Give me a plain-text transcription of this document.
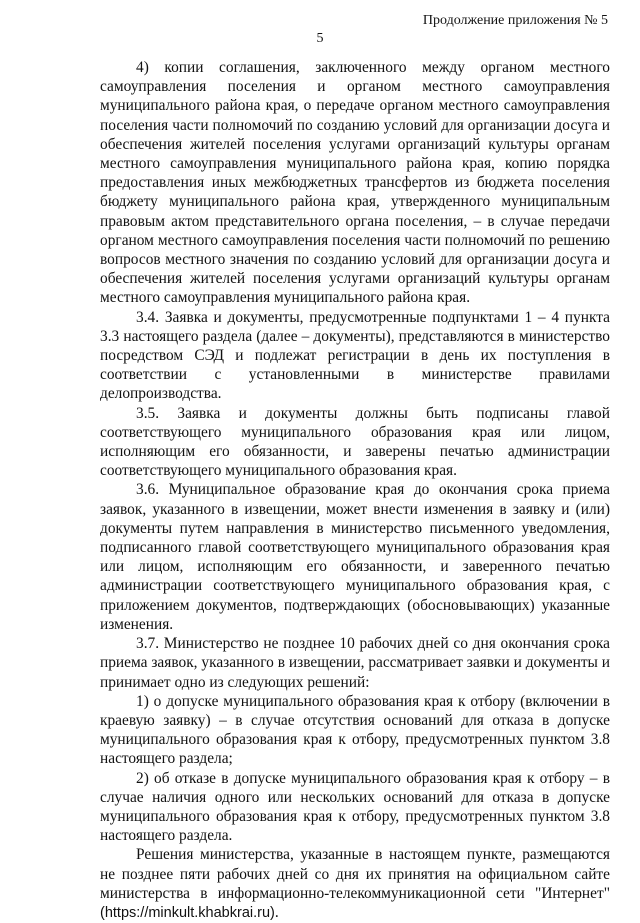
Продолжение приложения № 5
5

4) копии соглашения, заключенного между органом местного самоуправления поселения и органом местного самоуправления муниципального района края, о передаче органом местного самоуправления поселения части полномочий по созданию условий для организации досуга и обеспечения жителей поселения услугами организаций культуры органам местного самоуправления муниципального района края, копию порядка предоставления иных межбюджетных трансфертов из бюджета поселения бюджету муниципального района края, утвержденного муниципальным правовым актом представительного органа поселения, – в случае передачи органом местного самоуправления поселения части полномочий по решению вопросов местного значения по созданию условий для организации досуга и обеспечения жителей поселения услугами организаций культуры органам местного самоуправления муниципального района края.

3.4. Заявка и документы, предусмотренные подпунктами 1 – 4 пункта 3.3 настоящего раздела (далее – документы), представляются в министерство посредством СЭД и подлежат регистрации в день их поступления в соответствии с установленными в министерстве правилами делопроизводства.

3.5. Заявка и документы должны быть подписаны главой соответствующего муниципального образования края или лицом, исполняющим его обязанности, и заверены печатью администрации соответствующего муниципального образования края.

3.6. Муниципальное образование края до окончания срока приема заявок, указанного в извещении, может внести изменения в заявку и (или) документы путем направления в министерство письменного уведомления, подписанного главой соответствующего муниципального образования края или лицом, исполняющим его обязанности, и заверенного печатью администрации соответствующего муниципального образования края, с приложением документов, подтверждающих (обосновывающих) указанные изменения.

3.7. Министерство не позднее 10 рабочих дней со дня окончания срока приема заявок, указанного в извещении, рассматривает заявки и документы и принимает одно из следующих решений:

1) о допуске муниципального образования края к отбору (включении в краевую заявку) – в случае отсутствия оснований для отказа в допуске муниципального образования края к отбору, предусмотренных пунктом 3.8 настоящего раздела;

2) об отказе в допуске муниципального образования края к отбору – в случае наличия одного или нескольких оснований для отказа в допуске муниципального образования края к отбору, предусмотренных пунктом 3.8 настоящего раздела.

Решения министерства, указанные в настоящем пункте, размещаются не позднее пяти рабочих дней со дня их принятия на официальном сайте министерства в информационно-телекоммуникационной сети "Интернет" (https://minkult.khabkrai.ru).
